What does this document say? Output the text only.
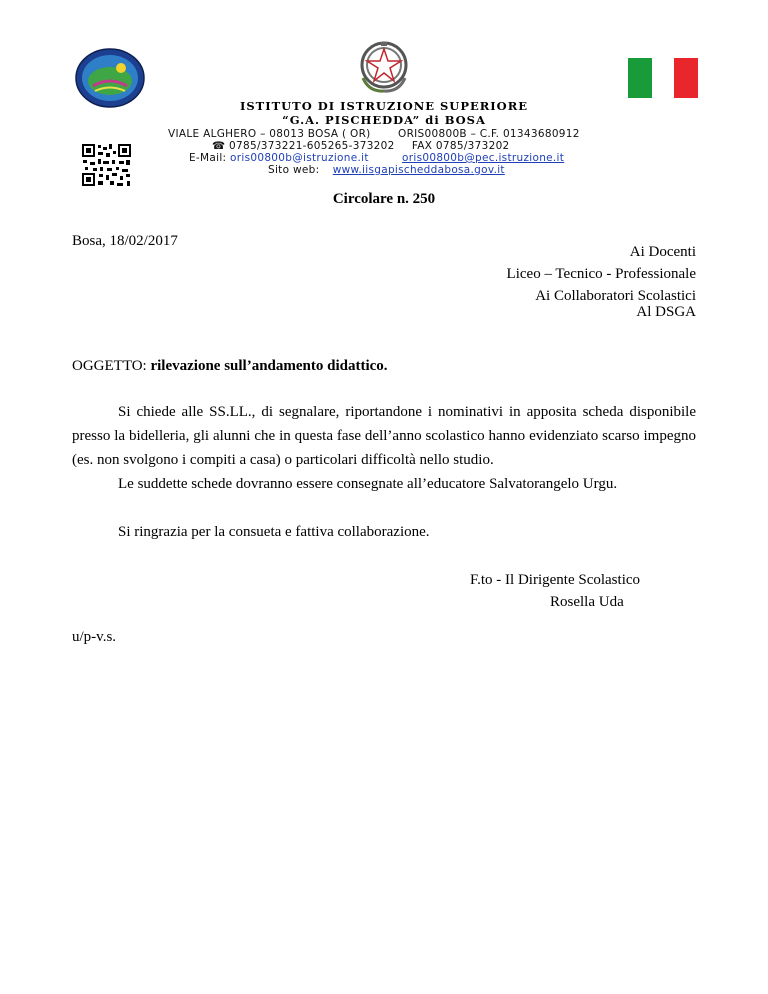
ISTITUTO DI ISTRUZIONE SUPERIORE
“G.A. PISCHEDDA” di BOSA
VIALE ALGHERO – 08013 BOSA ( OR)	ORIS00800B – C.F. 01343680912
☎ 0785/373221-605265-373202 FAX 0785/373202
E-Mail: oris00800b@istruzione.it	oris00800b@pec.istruzione.it
Sito web: www.iisgapischeddabosa.gov.it
Circolare n. 250
Bosa, 18/02/2017
Ai Docenti
Liceo – Tecnico - Professionale
Ai Collaboratori Scolastici
Al DSGA
OGGETTO: rilevazione sull’andamento didattico.
Si chiede alle SS.LL., di segnalare, riportandone i nominativi in apposita scheda disponibile presso la bidelleria, gli alunni che in questa fase dell’anno scolastico hanno evidenziato scarso impegno (es. non svolgono i compiti a casa) o particolari difficoltà nello studio.
Le suddette schede dovranno essere consegnate all’educatore Salvatorangelo Urgu.
Si ringrazia per la consueta e fattiva collaborazione.
F.to - Il Dirigente Scolastico
Rosella Uda
u/p-v.s.
